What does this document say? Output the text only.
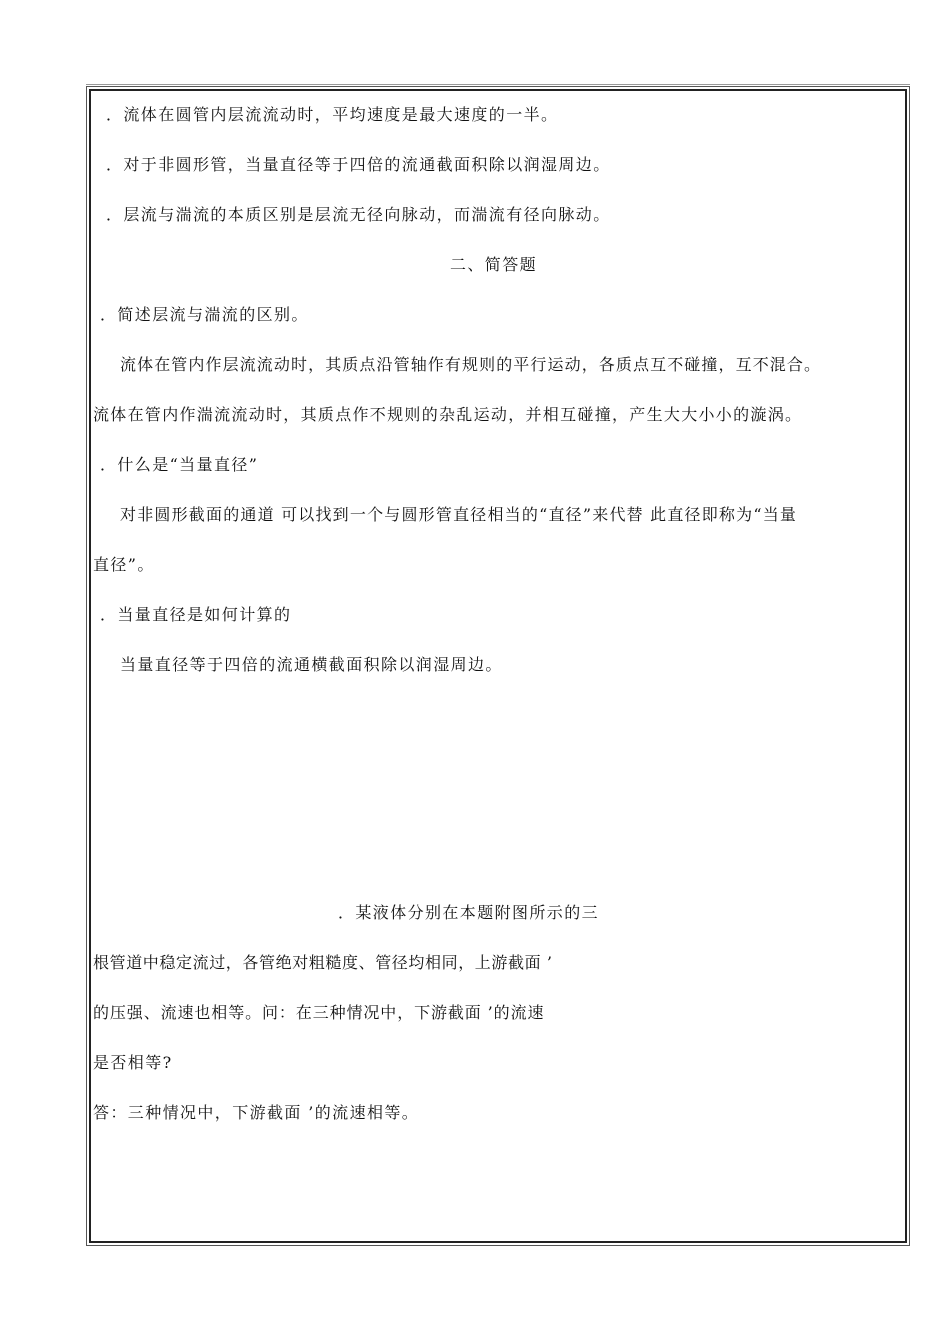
．流体在圆管内层流流动时，平均速度是最大速度的一半。
．对于非圆形管，当量直径等于四倍的流通截面积除以润湿周边。
．层流与湍流的本质区别是层流无径向脉动，而湍流有径向脉动。
二、简答题
．简述层流与湍流的区别。
流体在管内作层流流动时，其质点沿管轴作有规则的平行运动，各质点互不碰撞，互不混合。
流体在管内作湍流流动时，其质点作不规则的杂乱运动，并相互碰撞，产生大大小小的漩涡。
．什么是“当量直径”
对非圆形截面的通道 可以找到一个与圆形管直径相当的“直径”来代替 此直径即称为“当量
直径”。
．当量直径是如何计算的
当量直径等于四倍的流通横截面积除以润湿周边。
．某液体分别在本题附图所示的三
根管道中稳定流过，各管绝对粗糙度、管径均相同，上游截面 ’
的压强、流速也相等。问：在三种情况中，下游截面 ’的流速
是否相等?
答：三种情况中，下游截面 ’的流速相等。
